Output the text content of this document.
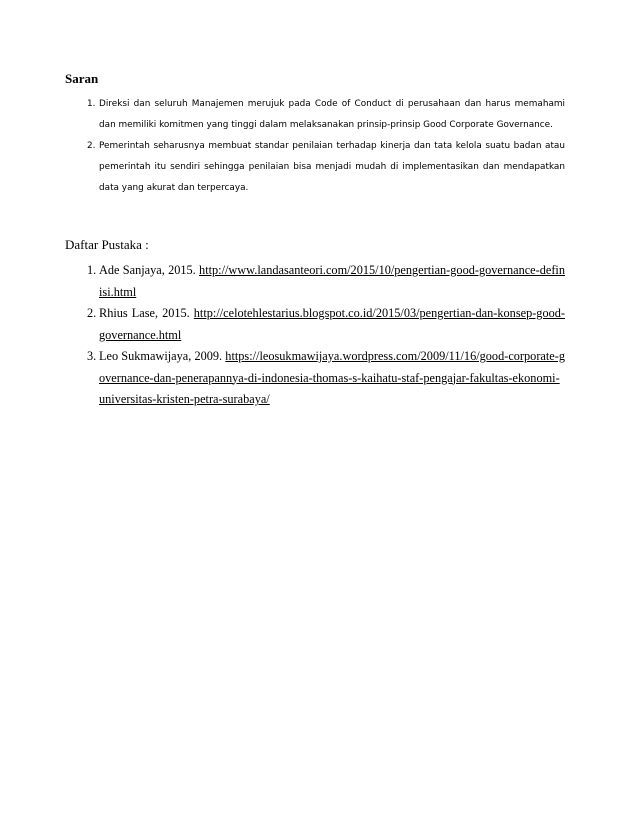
Saran
1. Direksi dan seluruh Manajemen merujuk pada Code of Conduct di perusahaan dan harus memahami dan memiliki komitmen yang tinggi dalam melaksanakan prinsip-prinsip Good Corporate Governance.
2. Pemerintah seharusnya membuat standar penilaian terhadap kinerja dan tata kelola suatu badan atau pemerintah itu sendiri sehingga penilaian bisa menjadi mudah di implementasikan dan mendapatkan data yang akurat dan terpercaya.
Daftar Pustaka :
1. Ade Sanjaya, 2015. http://www.landasanteori.com/2015/10/pengertian-good-governance-definisi.html
2. Rhius Lase, 2015. http://celotehlestarius.blogspot.co.id/2015/03/pengertian-dan-konsep-good-governance.html
3. Leo Sukmawijaya, 2009. https://leosukmawijaya.wordpress.com/2009/11/16/good-corporate-governance-dan-penerapannya-di-indonesia-thomas-s-kaihatu-staf-pengajar-fakultas-ekonomi-universitas-kristen-petra-surabaya/
